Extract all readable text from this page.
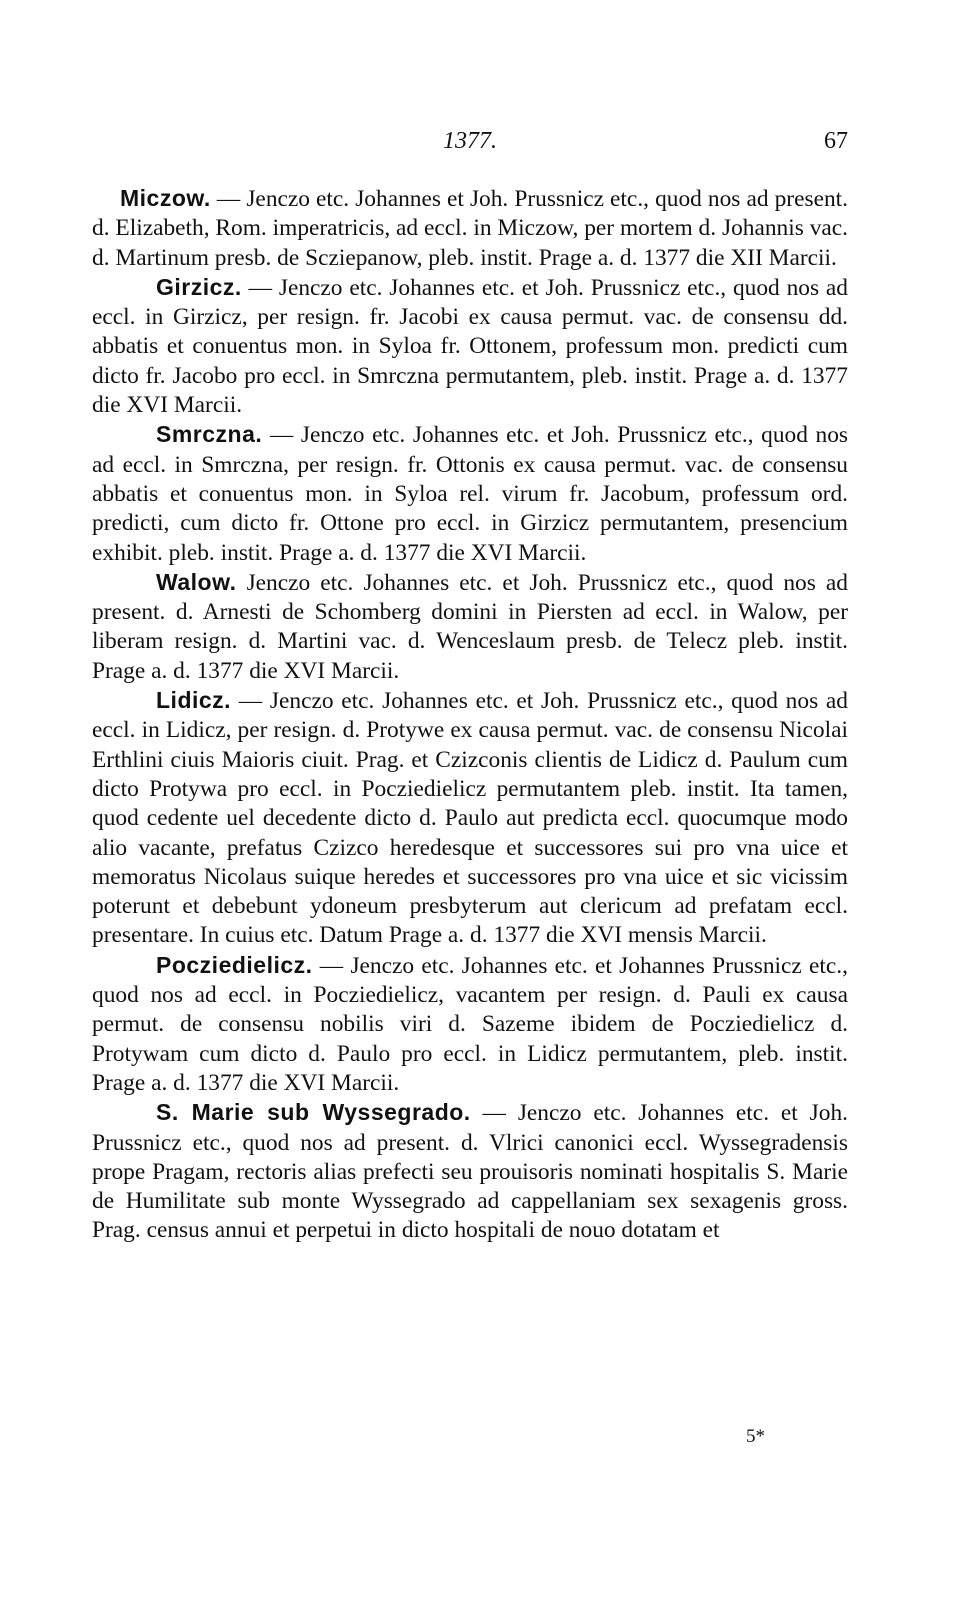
1377.	67

Miczow. — Jenczo etc. Johannes et Joh. Prussnicz etc., quod nos ad present. d. Elizabeth, Rom. imperatricis, ad eccl. in Miczow, per mortem d. Johannis vac. d. Martinum presb. de Scziepanow, pleb. instit. Prage a. d. 1377 die XII Marcii.

Girzicz. — Jenczo etc. Johannes etc. et Joh. Prussnicz etc., quod nos ad eccl. in Girzicz, per resign. fr. Jacobi ex causa permut. vac. de consensu dd. abbatis et conuentus mon. in Syloa fr. Ottonem, professum mon. predicti cum dicto fr. Jacobo pro eccl. in Smrczna permutantem, pleb. instit. Prage a. d. 1377 die XVI Marcii.

Smrczna. — Jenczo etc. Johannes etc. et Joh. Prussnicz etc., quod nos ad eccl. in Smrczna, per resign. fr. Ottonis ex causa permut. vac. de consensu abbatis et conuentus mon. in Syloa rel. virum fr. Jacobum, professum ord. predicti, cum dicto fr. Ottone pro eccl. in Girzicz permutantem, presencium exhibit. pleb. instit. Prage a. d. 1377 die XVI Marcii.

Walow. Jenczo etc. Johannes etc. et Joh. Prussnicz etc., quod nos ad present. d. Arnesti de Schomberg domini in Piersten ad eccl. in Walow, per liberam resign. d. Martini vac. d. Wenceslaum presb. de Telecz pleb. instit. Prage a. d. 1377 die XVI Marcii.

Lidicz. — Jenczo etc. Johannes etc. et Joh. Prussnicz etc., quod nos ad eccl. in Lidicz, per resign. d. Protywe ex causa permut. vac. de consensu Nicolai Erthlini ciuis Maioris ciuit. Prag. et Czizconis clientis de Lidicz d. Paulum cum dicto Protywa pro eccl. in Pocziedielicz permutantem pleb. instit. Ita tamen, quod cedente uel decedente dicto d. Paulo aut predicta eccl. quocumque modo alio vacante, prefatus Czizco heredesque et successores sui pro vna uice et memoratus Nicolaus suique heredes et successores pro vna uice et sic vicissim poterunt et debebunt ydoneum presbyterum aut clericum ad prefatam eccl. presentare. In cuius etc. Datum Prage a. d. 1377 die XVI mensis Marcii.

Pocziedielicz. — Jenczo etc. Johannes etc. et Johannes Prussnicz etc., quod nos ad eccl. in Pocziedielicz, vacantem per resign. d. Pauli ex causa permut. de consensu nobilis viri d. Sazeme ibidem de Pocziedielicz d. Protywam cum dicto d. Paulo pro eccl. in Lidicz permutantem, pleb. instit. Prage a. d. 1377 die XVI Marcii.

S. Marie sub Wyssegrado. — Jenczo etc. Johannes etc. et Joh. Prussnicz etc., quod nos ad present. d. Vlrici canonici eccl. Wyssegradensis prope Pragam, rectoris alias prefecti seu prouisoris nominati hospitalis S. Marie de Humilitate sub monte Wyssegrado ad cappellaniam sex sexagenis gross. Prag. census annui et perpetui in dicto hospitali de nouo dotatam et

5*
